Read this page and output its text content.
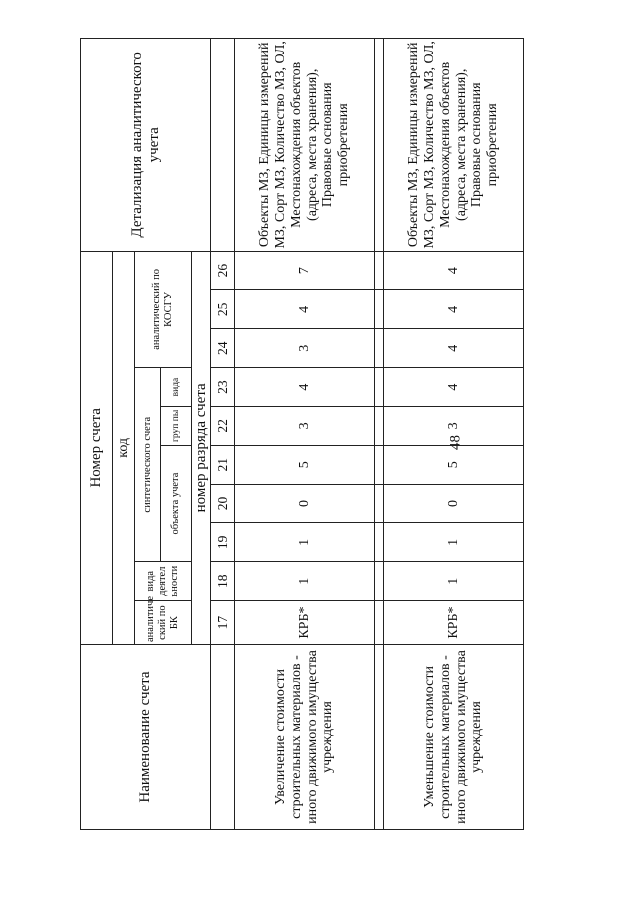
48
Наименование счета	Номер счета										Детализация аналитического учета
	код										
	аналитиче ский по БК	вида деятел ьности	синтетического счета					аналитический по КОСГУ			
			объекта учета			груп пы	вида				
	номер разряда счета										
	17	18	19	20	21	22	23	24	25	26	
Увеличение стоимости строительных материалов - иного движимого имущества учреждения	КРБ*	1	1	0	5	3	4	3	4	7	Объекты МЗ, Единицы измерений МЗ, Сорт МЗ, Количество МЗ, ОЛ, Местонахождения объектов (адреса, места хранения), Правовые основания приобретения

Уменьшение стоимости строительных материалов - иного движимого имущества учреждения	КРБ*	1	1	0	5	3	4	4	4	4	Объекты МЗ, Единицы измерений МЗ, Сорт МЗ, Количество МЗ, ОЛ, Местонахождения объектов (адреса, места хранения), Правовые основания приобретения
